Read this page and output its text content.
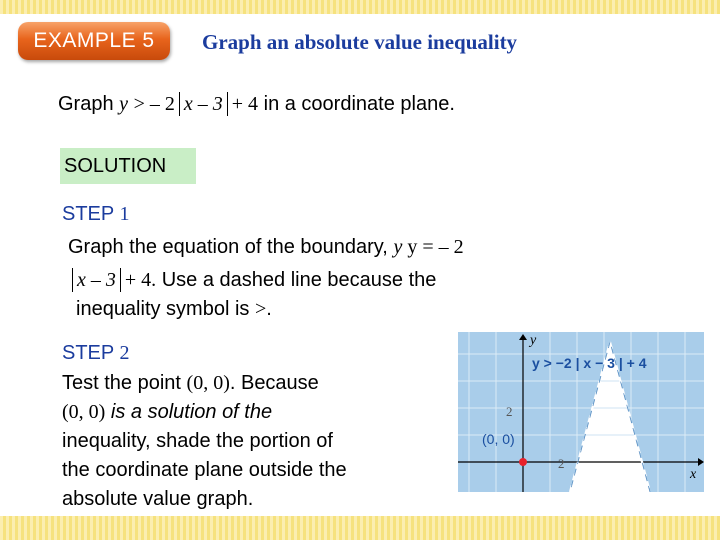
EXAMPLE 5 Graph an absolute value inequality
Graph y > – 2 x – 3 + 4 in a coordinate plane.
SOLUTION
STEP 1
Graph the equation of the boundary, y y = – 2
x – 3 + 4. Use a dashed line because the
inequality symbol is >.
STEP 2
Test the point (0, 0). Because
(0, 0) is a solution of the
inequality, shade the portion of
the coordinate plane outside the
absolute value graph.
y
x
y > −2 | x − 3 | + 4
2
2
(0, 0)
